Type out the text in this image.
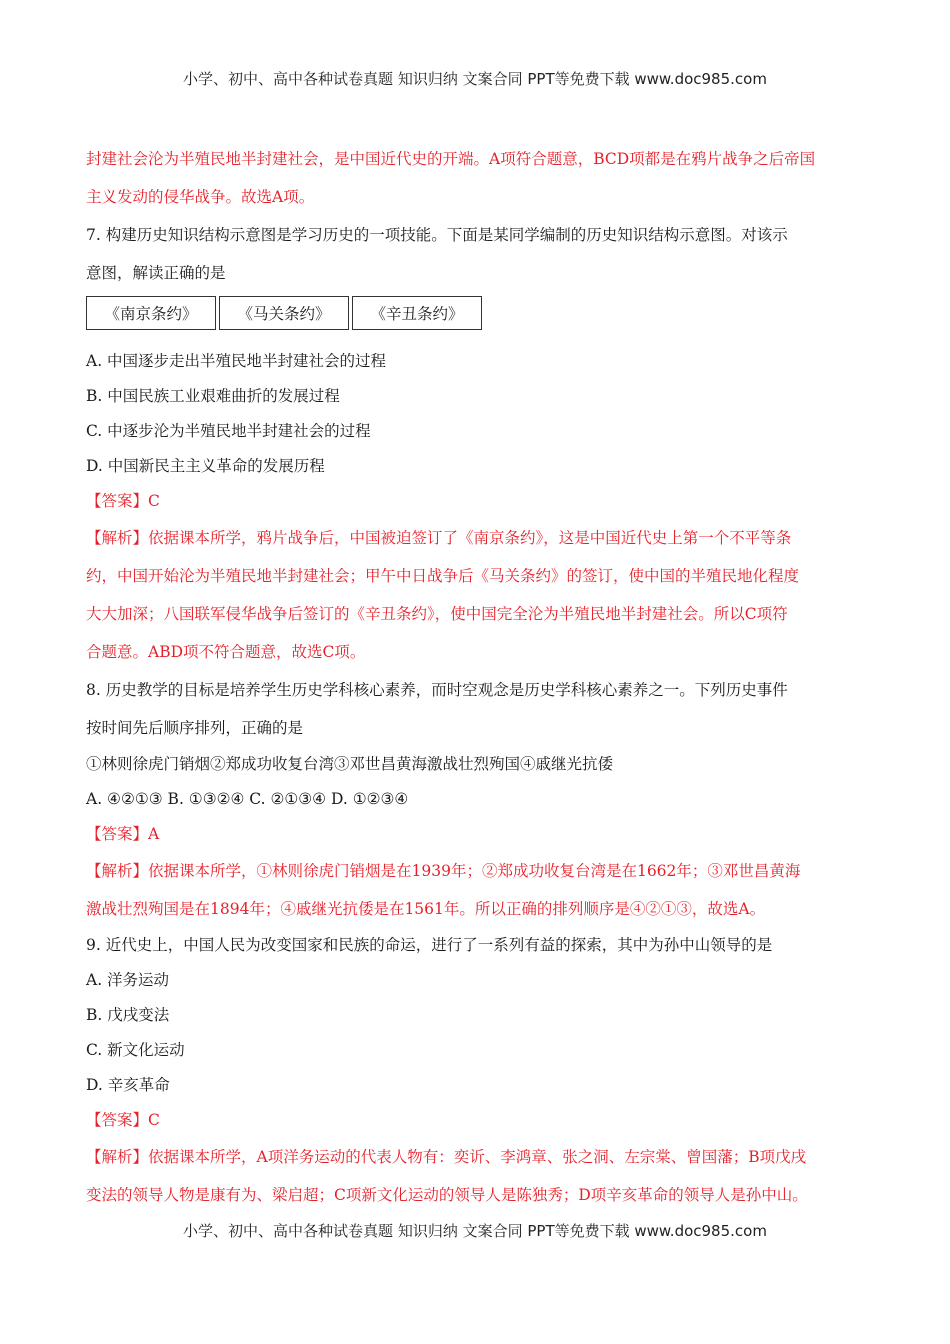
小学、初中、高中各种试卷真题 知识归纳 文案合同 PPT等免费下载 www.doc985.com

封建社会沦为半殖民地半封建社会，是中国近代史的开端。A项符合题意，BCD项都是在鸦片战争之后帝国

主义发动的侵华战争。故选A项。

7. 构建历史知识结构示意图是学习历史的一项技能。下面是某同学编制的历史知识结构示意图。对该示

意图，解读正确的是

《南京条约》	《马关条约》	《辛丑条约》

A. 中国逐步走出半殖民地半封建社会的过程

B. 中国民族工业艰难曲折的发展过程

C. 中逐步沦为半殖民地半封建社会的过程

D. 中国新民主主义革命的发展历程

【答案】C

【解析】依据课本所学，鸦片战争后，中国被迫签订了《南京条约》，这是中国近代史上第一个不平等条

约，中国开始沦为半殖民地半封建社会；甲午中日战争后《马关条约》的签订，使中国的半殖民地化程度

大大加深；八国联军侵华战争后签订的《辛丑条约》，使中国完全沦为半殖民地半封建社会。所以C项符

合题意。ABD项不符合题意，故选C项。

8. 历史教学的目标是培养学生历史学科核心素养，而时空观念是历史学科核心素养之一。下列历史事件

按时间先后顺序排列，正确的是

①林则徐虎门销烟②郑成功收复台湾③邓世昌黄海激战壮烈殉国④戚继光抗倭

A. ④②①③ B. ①③②④ C. ②①③④ D. ①②③④

【答案】A

【解析】依据课本所学，①林则徐虎门销烟是在1939年；②郑成功收复台湾是在1662年；③邓世昌黄海

激战壮烈殉国是在1894年；④戚继光抗倭是在1561年。所以正确的排列顺序是④②①③，故选A。

9. 近代史上，中国人民为改变国家和民族的命运，进行了一系列有益的探索，其中为孙中山领导的是

A. 洋务运动

B. 戊戌变法

C. 新文化运动

D. 辛亥革命

【答案】C

【解析】依据课本所学，A项洋务运动的代表人物有：奕䜣、李鸿章、张之洞、左宗棠、曾国藩；B项戊戌

变法的领导人物是康有为、梁启超；C项新文化运动的领导人是陈独秀；D项辛亥革命的领导人是孙中山。

小学、初中、高中各种试卷真题 知识归纳 文案合同 PPT等免费下载 www.doc985.com
